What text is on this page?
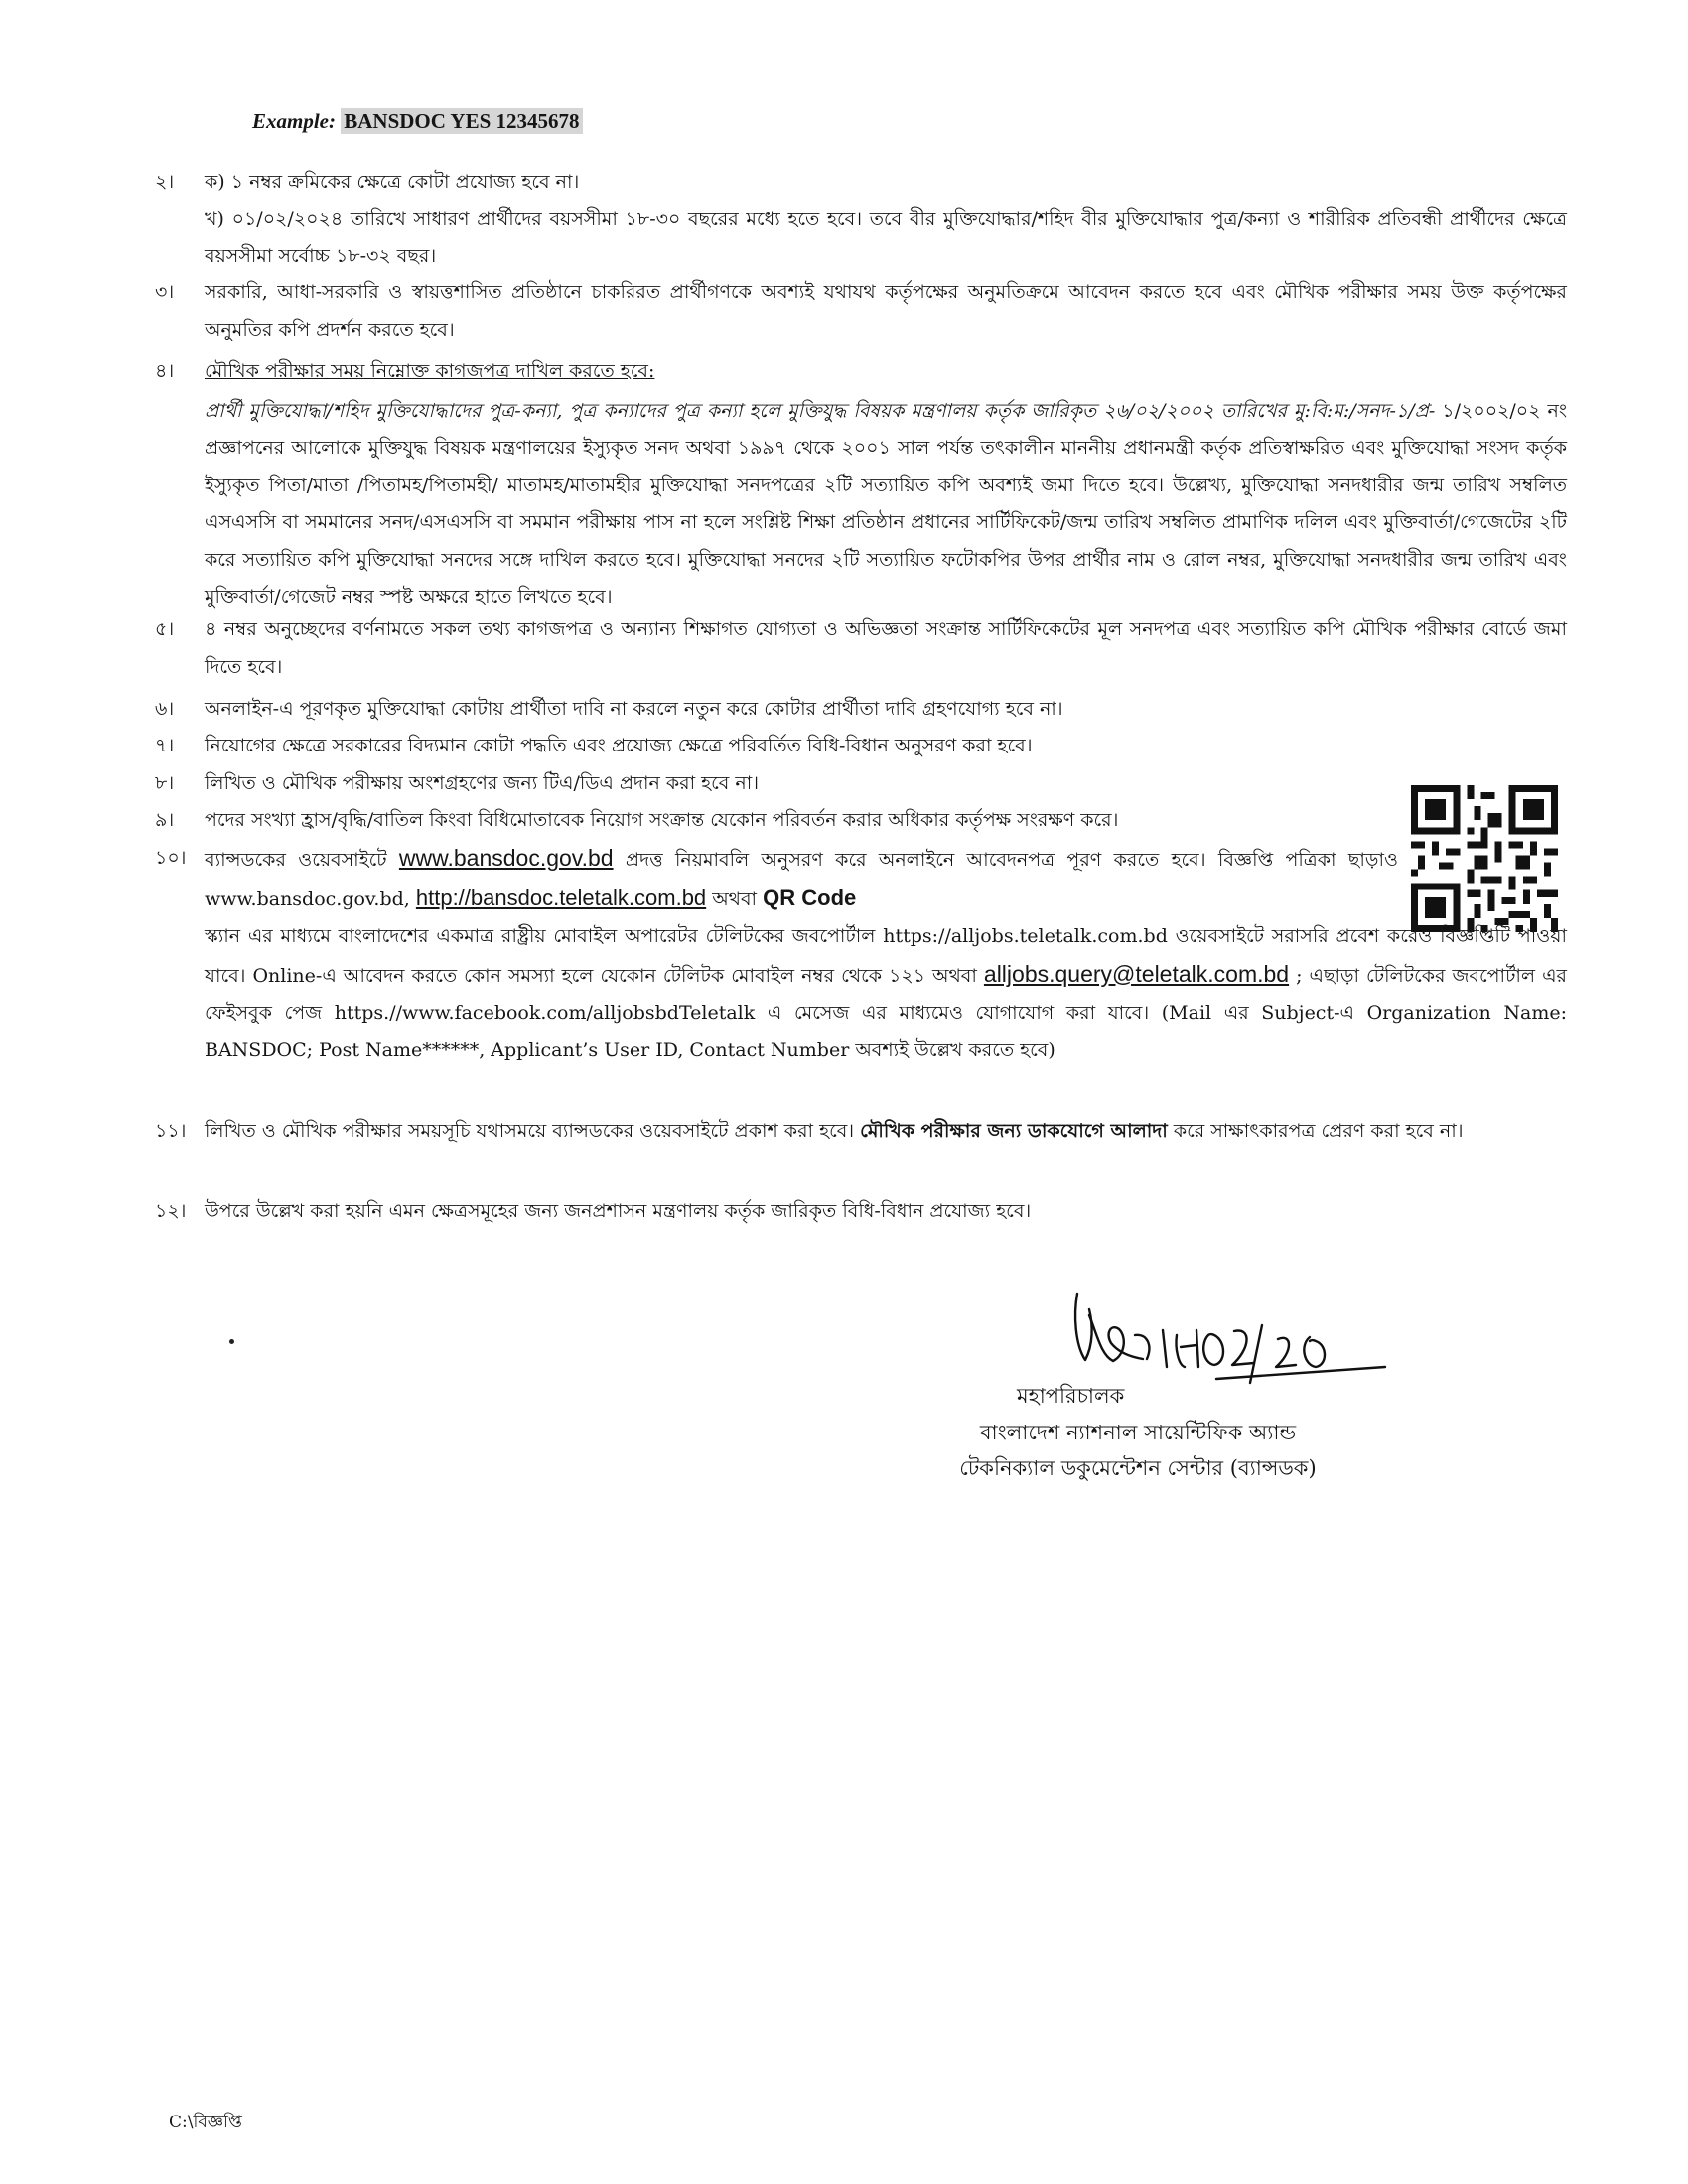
Example: BANSDOC YES 12345678
২।	ক) ১ নম্বর ক্রমিকের ক্ষেত্রে কোটা প্রযোজ্য হবে না।
খ) ০১/০২/২০২৪ তারিখে সাধারণ প্রার্থীদের বয়সসীমা ১৮-৩০ বছরের মধ্যে হতে হবে। তবে বীর মুক্তিযোদ্ধার/শহিদ বীর মুক্তিযোদ্ধার পুত্র/কন্যা ও শারীরিক প্রতিবন্ধী প্রার্থীদের ক্ষেত্রে বয়সসীমা সর্বোচ্চ ১৮-৩২ বছর।
৩।	সরকারি, আধা-সরকারি ও স্বায়ত্তশাসিত প্রতিষ্ঠানে চাকরিরত প্রার্থীগণকে অবশ্যই যথাযথ কর্তৃপক্ষের অনুমতিক্রমে আবেদন করতে হবে এবং মৌখিক পরীক্ষার সময় উক্ত কর্তৃপক্ষের অনুমতির কপি প্রদর্শন করতে হবে।
৪।	মৌখিক পরীক্ষার সময় নিম্নোক্ত কাগজপত্র দাখিল করতে হবে:
প্রার্থী মুক্তিযোদ্ধা/শহিদ মুক্তিযোদ্ধাদের পুত্র-কন্যা, পুত্র কন্যাদের পুত্র কন্যা হলে মুক্তিযুদ্ধ বিষয়ক মন্ত্রণালয় কর্তৃক জারিকৃত ২৬/০২/২০০২ তারিখের মু:বি:ম:/সনদ-১/প্র- ১/২০০২/০২ নং প্রজ্ঞাপনের আলোকে মুক্তিযুদ্ধ বিষয়ক মন্ত্রণালয়ের ইস্যুকৃত সনদ অথবা ১৯৯৭ থেকে ২০০১ সাল পর্যন্ত তৎকালীন মাননীয় প্রধানমন্ত্রী কর্তৃক প্রতিস্বাক্ষরিত এবং মুক্তিযোদ্ধা সংসদ কর্তৃক ইস্যুকৃত পিতা/মাতা /পিতামহ/পিতামহী/ মাতামহ/মাতামহীর মুক্তিযোদ্ধা সনদপত্রের ২টি সত্যায়িত কপি অবশ্যই জমা দিতে হবে। উল্লেখ্য, মুক্তিযোদ্ধা সনদধারীর জন্ম তারিখ সম্বলিত এসএসসি বা সমমানের সনদ/এসএসসি বা সমমান পরীক্ষায় পাস না হলে সংশ্লিষ্ট শিক্ষা প্রতিষ্ঠান প্রধানের সার্টিফিকেট/জন্ম তারিখ সম্বলিত প্রামাণিক দলিল এবং মুক্তিবার্তা/গেজেটের ২টি করে সত্যায়িত কপি মুক্তিযোদ্ধা সনদের সঙ্গে দাখিল করতে হবে। মুক্তিযোদ্ধা সনদের ২টি সত্যায়িত ফটোকপির উপর প্রার্থীর নাম ও রোল নম্বর, মুক্তিযোদ্ধা সনদধারীর জন্ম তারিখ এবং মুক্তিবার্তা/গেজেট নম্বর স্পষ্ট অক্ষরে হাতে লিখতে হবে।
৫।	৪ নম্বর অনুচ্ছেদের বর্ণনামতে সকল তথ্য কাগজপত্র ও অন্যান্য শিক্ষাগত যোগ্যতা ও অভিজ্ঞতা সংক্রান্ত সার্টিফিকেটের মূল সনদপত্র এবং সত্যায়িত কপি মৌখিক পরীক্ষার বোর্ডে জমা দিতে হবে।
৬।	অনলাইন-এ পূরণকৃত মুক্তিযোদ্ধা কোটায় প্রার্থীতা দাবি না করলে নতুন করে কোটার প্রার্থীতা দাবি গ্রহণযোগ্য হবে না।
৭।	নিয়োগের ক্ষেত্রে সরকারের বিদ্যমান কোটা পদ্ধতি এবং প্রযোজ্য ক্ষেত্রে পরিবর্তিত বিধি-বিধান অনুসরণ করা হবে।
৮।	লিখিত ও মৌখিক পরীক্ষায় অংশগ্রহণের জন্য টিএ/ডিএ প্রদান করা হবে না।
৯।	পদের সংখ্যা হ্রাস/বৃদ্ধি/বাতিল কিংবা বিধিমোতাবেক নিয়োগ সংক্রান্ত যেকোন পরিবর্তন করার অধিকার কর্তৃপক্ষ সংরক্ষণ করে।
১০। ব্যান্সডকের ওয়েবসাইটে www.bansdoc.gov.bd প্রদত্ত নিয়মাবলি অনুসরণ করে অনলাইনে আবেদনপত্র পূরণ করতে হবে। বিজ্ঞপ্তি পত্রিকা ছাড়াও www.bansdoc.gov.bd, http://bansdoc.teletalk.com.bd অথবা QR Code
স্ক্যান এর মাধ্যমে বাংলাদেশের একমাত্র রাষ্ট্রীয় মোবাইল অপারেটর টেলিটকের জবপোর্টাল https://alljobs.teletalk.com.bd ওয়েবসাইটে সরাসরি প্রবেশ করেও বিজ্ঞপ্তিটি পাওয়া যাবে। Online-এ আবেদন করতে কোন সমস্যা হলে যেকোন টেলিটক মোবাইল নম্বর থেকে ১২১ অথবা alljobs.query@teletalk.com.bd ; এছাড়া টেলিটকের জবপোর্টাল এর ফেইসবুক পেজ https.//www.facebook.com/alljobsbdTeletalk এ মেসেজ এর মাধ্যমেও যোগাযোগ করা যাবে। (Mail এর Subject-এ Organization Name: BANSDOC; Post Name******, Applicant’s User ID, Contact Number অবশ্যই উল্লেখ করতে হবে)
১১। লিখিত ও মৌখিক পরীক্ষার সময়সূচি যথাসময়ে ব্যান্সডকের ওয়েবসাইটে প্রকাশ করা হবে। মৌখিক পরীক্ষার জন্য ডাকযোগে আলাদা করে সাক্ষাৎকারপত্র প্রেরণ করা হবে না।
১২। উপরে উল্লেখ করা হয়নি এমন ক্ষেত্রসমূহের জন্য জনপ্রশাসন মন্ত্রণালয় কর্তৃক জারিকৃত বিধি-বিধান প্রযোজ্য হবে।
মহাপরিচালক
বাংলাদেশ ন্যাশনাল সায়েন্টিফিক অ্যান্ড
টেকনিক্যাল ডকুমেন্টেশন সেন্টার (ব্যান্সডক)
C:\বিজ্ঞপ্তি
